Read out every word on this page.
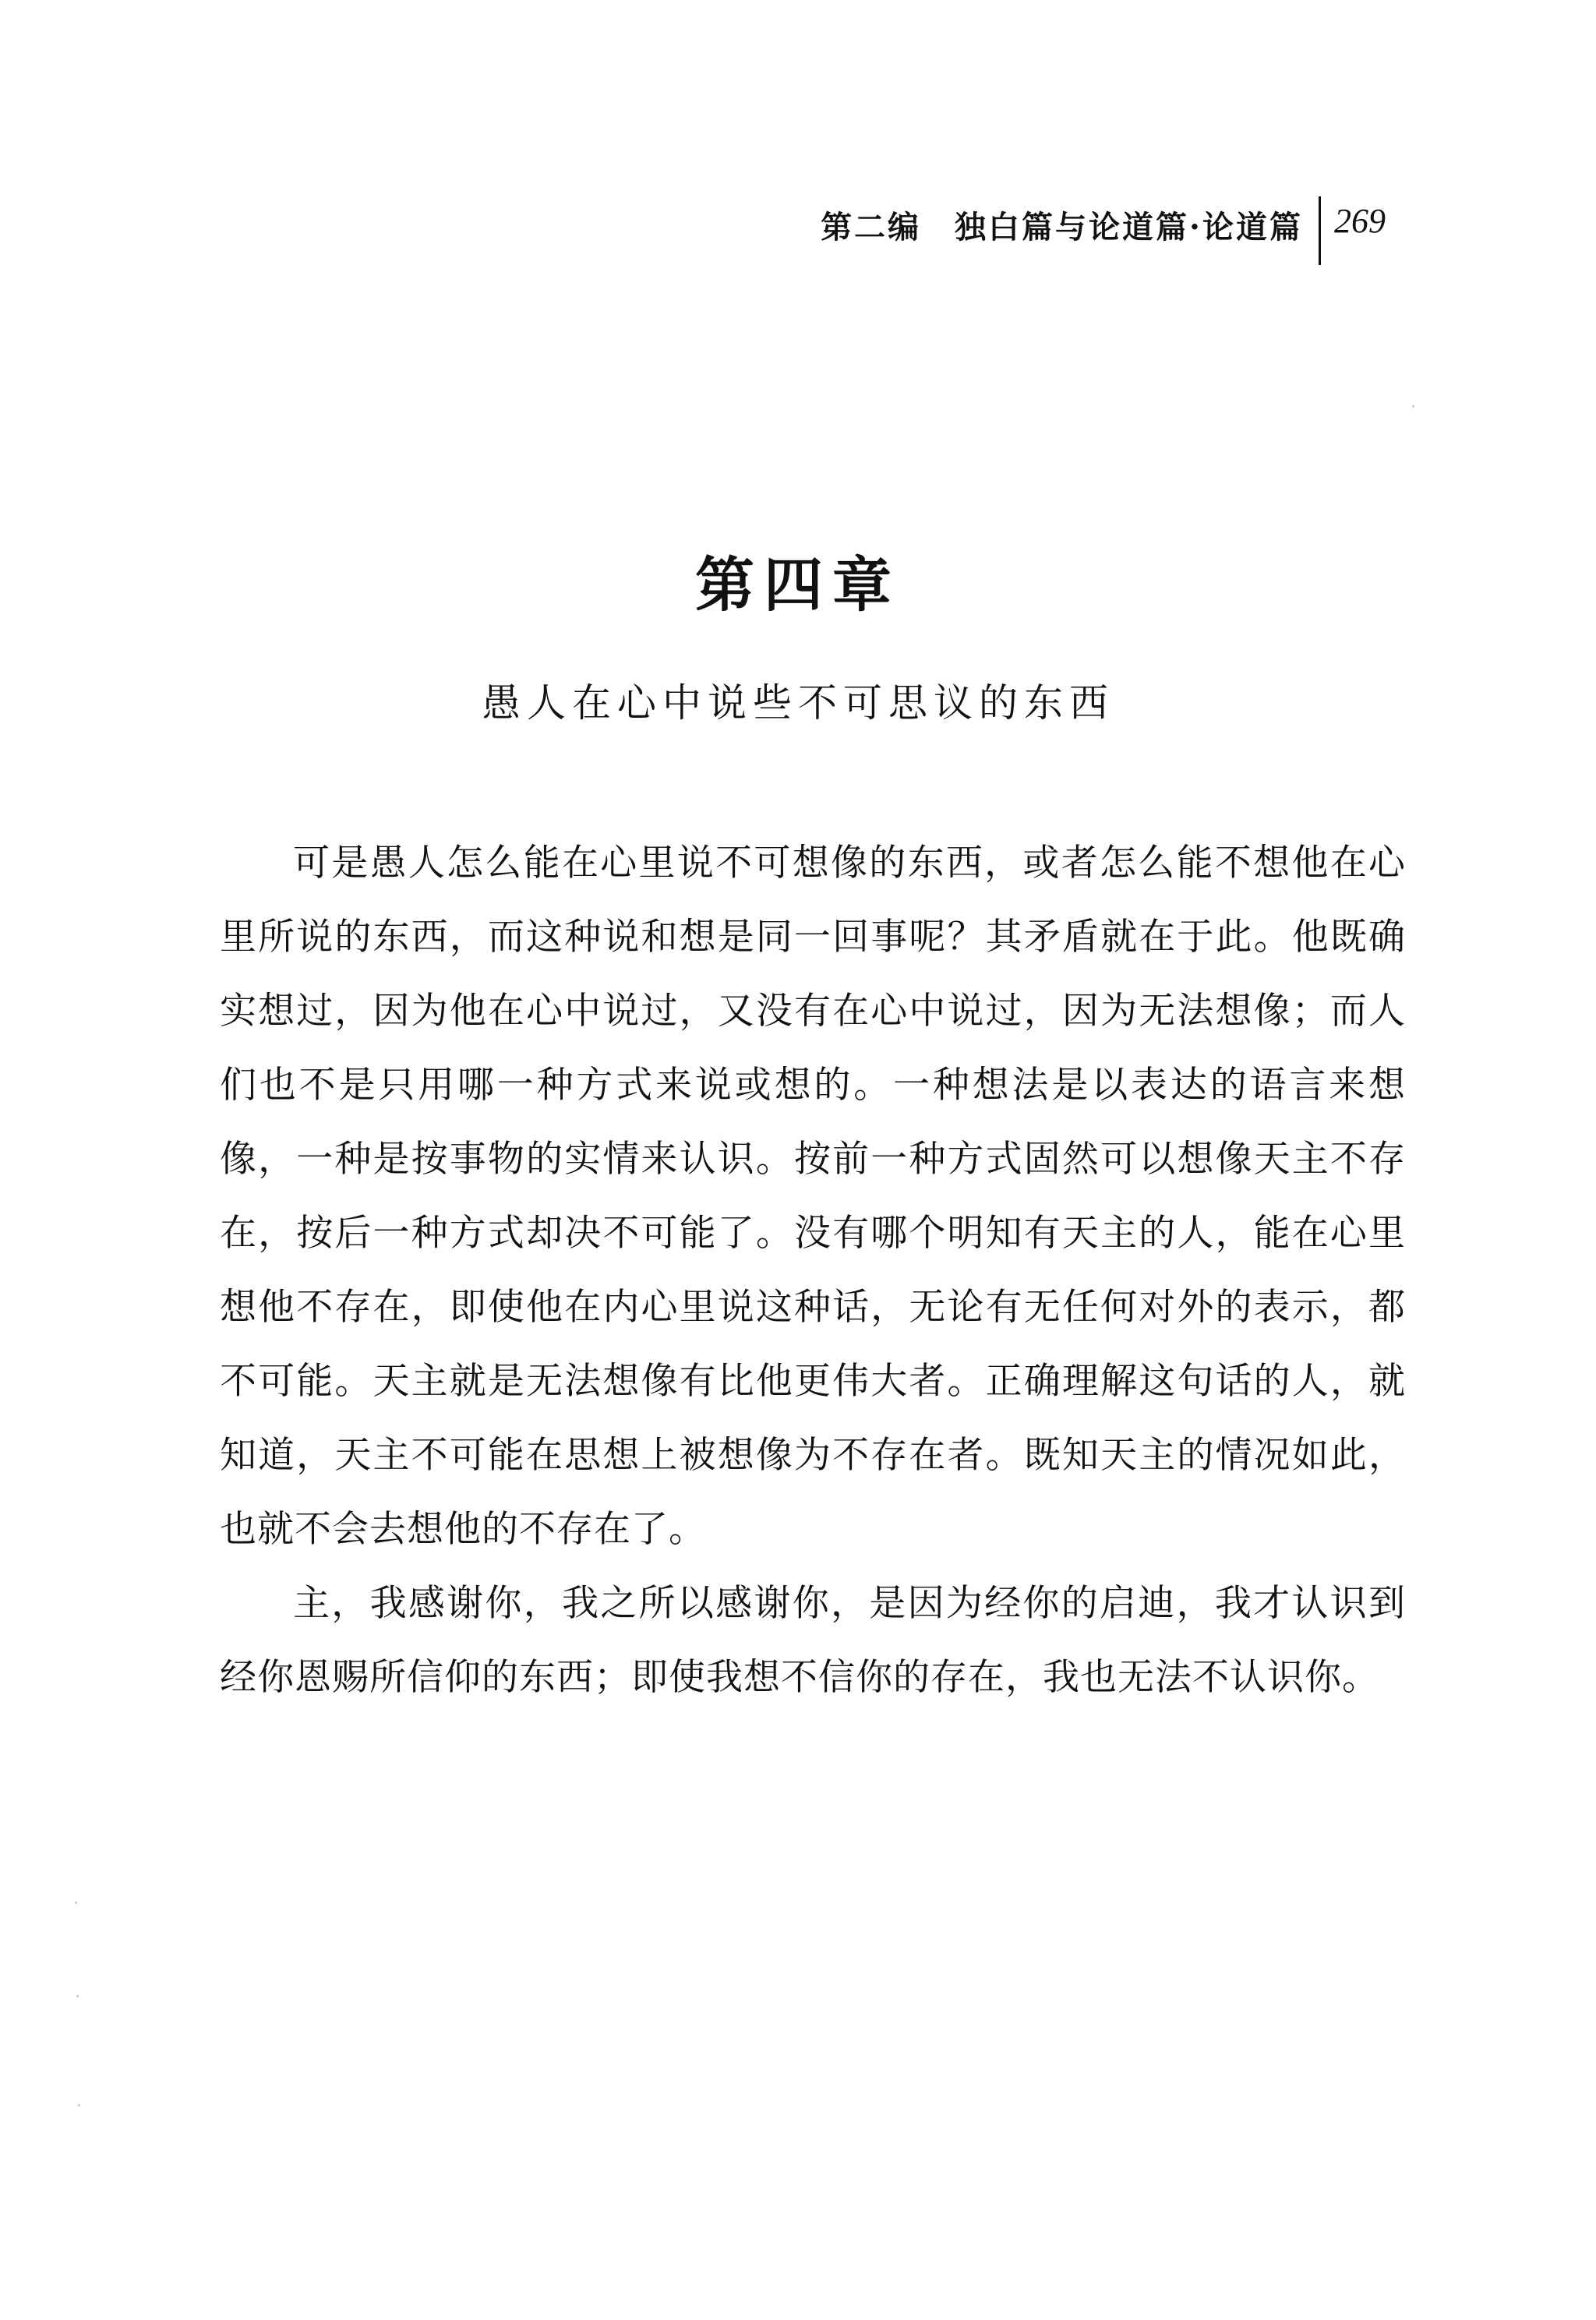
第二编　独白篇与论道篇·论道篇 269
第四章
愚人在心中说些不可思议的东西

可是愚人怎么能在心里说不可想像的东西，或者怎么能不想他在心里所说的东西，而这种说和想是同一回事呢？其矛盾就在于此。他既确实想过，因为他在心中说过，又没有在心中说过，因为无法想像；而人们也不是只用哪一种方式来说或想的。一种想法是以表达的语言来想像，一种是按事物的实情来认识。按前一种方式固然可以想像天主不存在，按后一种方式却决不可能了。没有哪个明知有天主的人，能在心里想他不存在，即使他在内心里说这种话，无论有无任何对外的表示，都不可能。天主就是无法想像有比他更伟大者。正确理解这句话的人，就知道，天主不可能在思想上被想像为不存在者。既知天主的情况如此，也就不会去想他的不存在了。

主，我感谢你，我之所以感谢你，是因为经你的启迪，我才认识到经你恩赐所信仰的东西；即使我想不信你的存在，我也无法不认识你。
